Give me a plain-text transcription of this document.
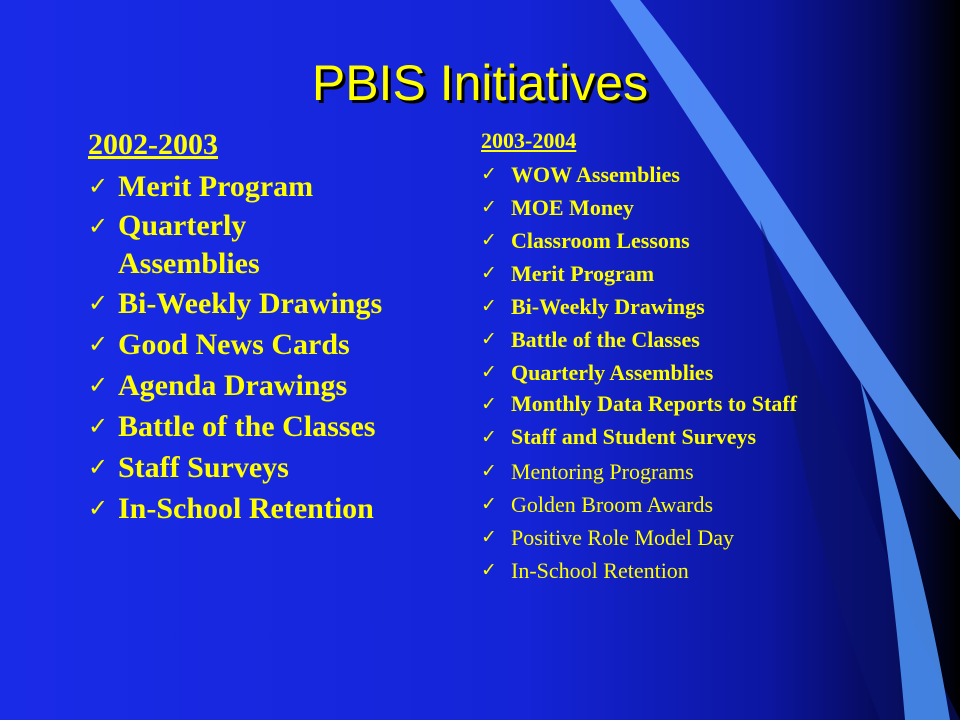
PBIS Initiatives
2002-2003
✓ Merit Program
✓ Quarterly Assemblies
✓ Bi-Weekly Drawings
✓ Good News Cards
✓ Agenda Drawings
✓ Battle of the Classes
✓ Staff Surveys
✓ In-School Retention
2003-2004
✓ WOW Assemblies
✓ MOE Money
✓ Classroom Lessons
✓ Merit Program
✓ Bi-Weekly Drawings
✓ Battle of the Classes
✓ Quarterly Assemblies
✓ Monthly Data Reports to Staff
✓ Staff and Student Surveys
✓ Mentoring Programs
✓ Golden Broom Awards
✓ Positive Role Model Day
✓ In-School Retention
